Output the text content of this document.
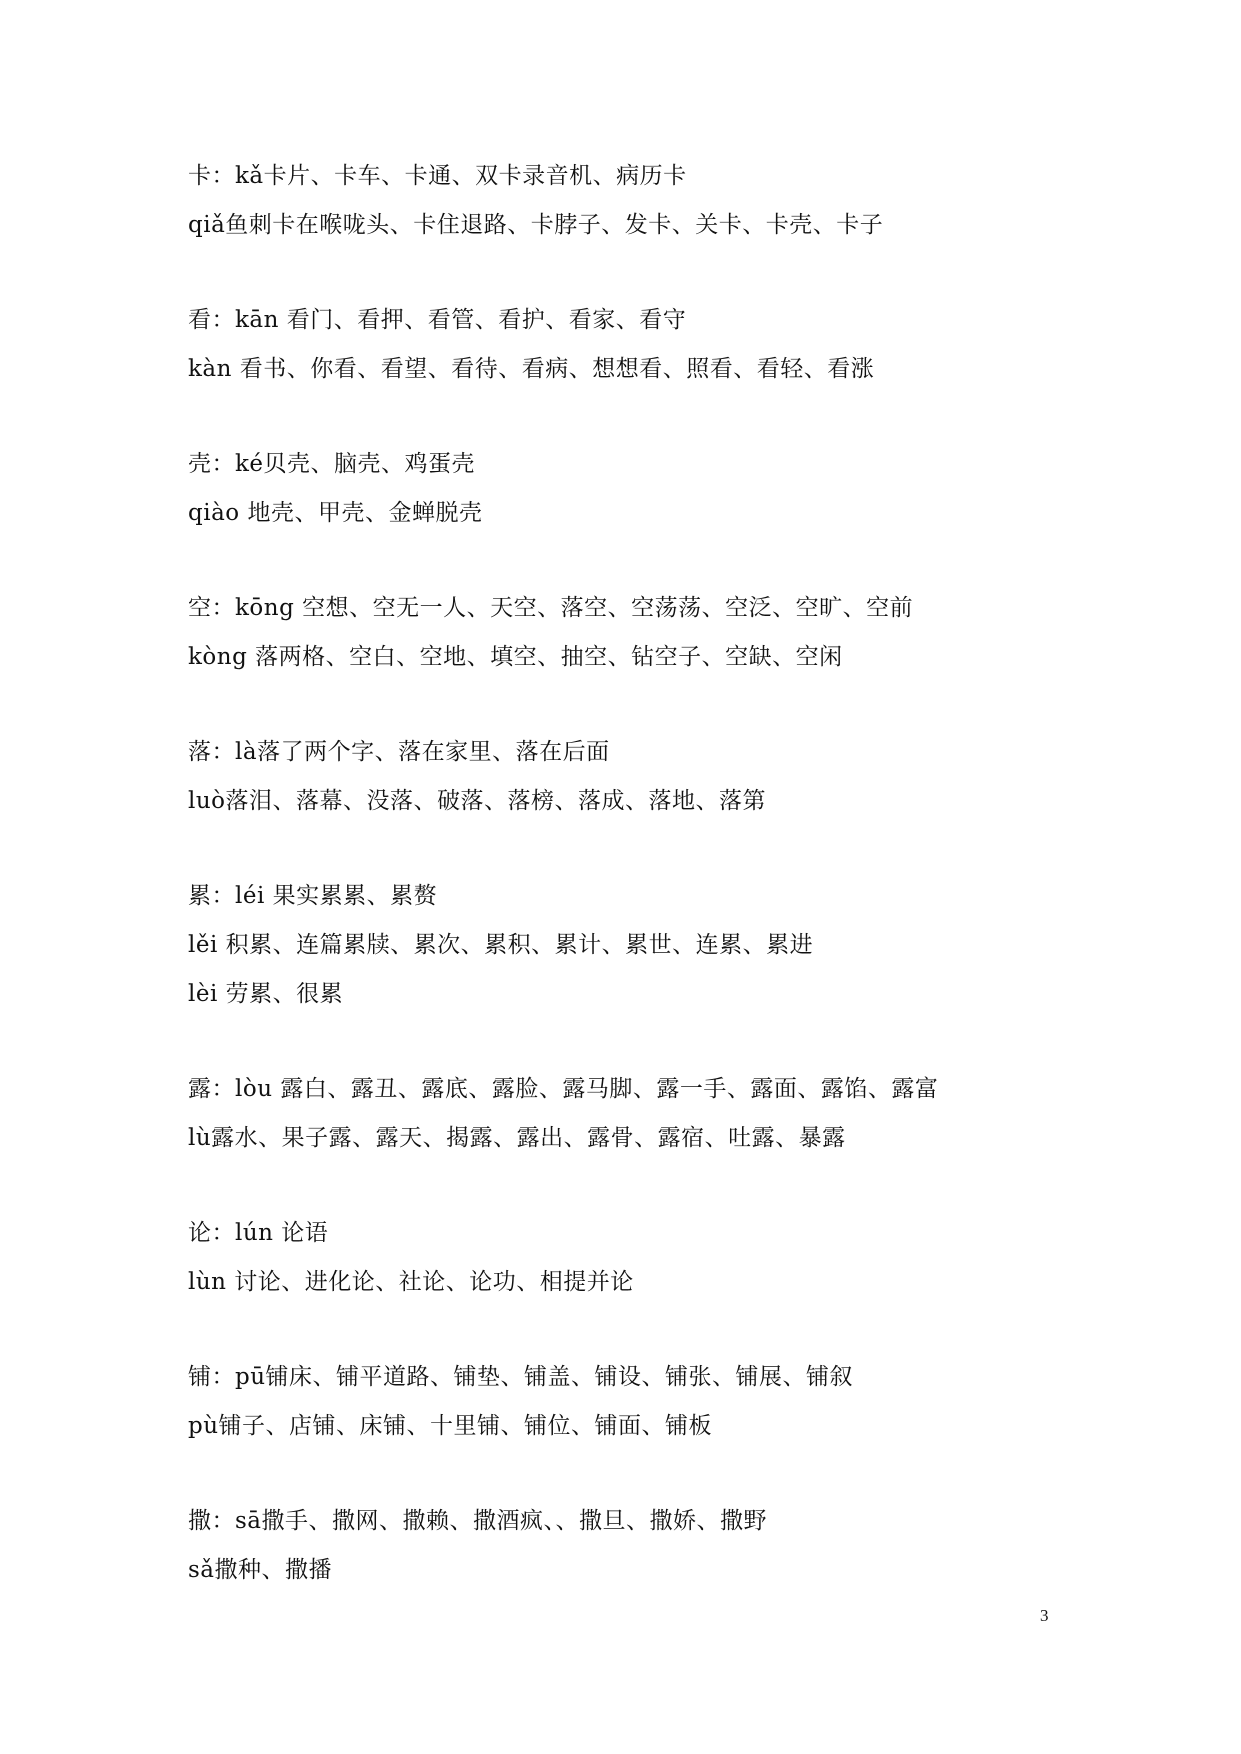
卡：kǎ卡片、卡车、卡通、双卡录音机、病历卡
qiǎ鱼刺卡在喉咙头、卡住退路、卡脖子、发卡、关卡、卡壳、卡子
看：kān 看门、看押、看管、看护、看家、看守
kàn 看书、你看、看望、看待、看病、想想看、照看、看轻、看涨
壳：ké贝壳、脑壳、鸡蛋壳
qiào 地壳、甲壳、金蝉脱壳
空：kōng 空想、空无一人、天空、落空、空荡荡、空泛、空旷、空前
kòng 落两格、空白、空地、填空、抽空、钻空子、空缺、空闲
落：là落了两个字、落在家里、落在后面
luò落泪、落幕、没落、破落、落榜、落成、落地、落第
累：léi 果实累累、累赘
lěi 积累、连篇累牍、累次、累积、累计、累世、连累、累进
lèi 劳累、很累
露：lòu 露白、露丑、露底、露脸、露马脚、露一手、露面、露馅、露富
lù露水、果子露、露天、揭露、露出、露骨、露宿、吐露、暴露
论：lún 论语
lùn 讨论、进化论、社论、论功、相提并论
铺：pū铺床、铺平道路、铺垫、铺盖、铺设、铺张、铺展、铺叙
pù铺子、店铺、床铺、十里铺、铺位、铺面、铺板
撒：sā撒手、撒网、撒赖、撒酒疯、、撒旦、撒娇、撒野
sǎ撒种、撒播
3
